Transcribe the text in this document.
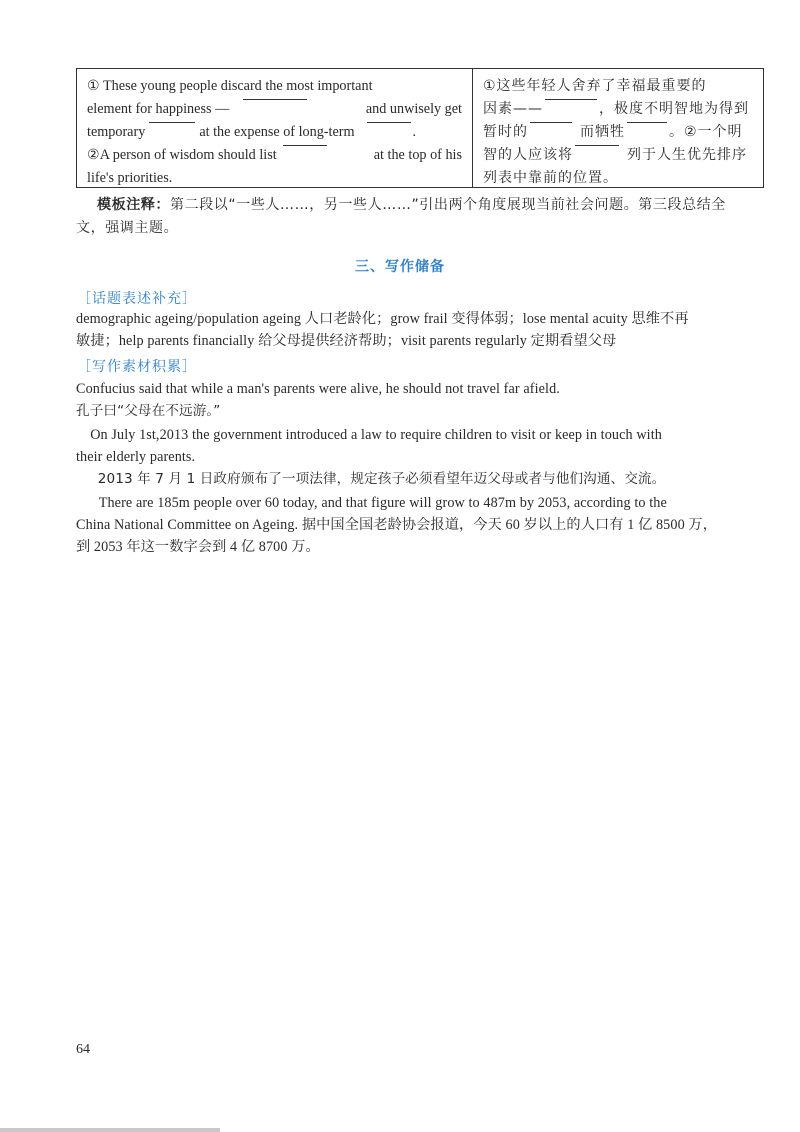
① These young people discard the most important
element for happiness —	and unwisely get
temporary	at the expense of long-term	.
②A person of wisdom should list	at the top of his
life's priorities.
①这些年轻人舍弃了幸福最重要的
因素——	，极度不明智地为得到
暂时的	而牺牲	。②一个明
智的人应该将	列于人生优先排序
列表中靠前的位置。
模板注释：第二段以“一些人……，另一些人……”引出两个角度展现当前社会问题。第三段总结全
文，强调主题。
三、写作储备
［话题表述补充］
demographic ageing/population ageing 人口老龄化；grow frail 变得体弱；lose mental acuity 思维不再
敏捷；help parents financially 给父母提供经济帮助；visit parents regularly 定期看望父母
［写作素材积累］
Confucius said that while a man's parents were alive, he should not travel far afield.
孔子曰“父母在不远游。”
On July 1st,2013 the government introduced a law to require children to visit or keep in touch with
their elderly parents.
2013 年 7 月 1 日政府颁布了一项法律，规定孩子必须看望年迈父母或者与他们沟通、交流。
There are 185m people over 60 today, and that figure will grow to 487m by 2053, according to the
China National Committee on Ageing. 据中国全国老龄协会报道，今天 60 岁以上的人口有 1 亿 8500 万，
到 2053 年这一数字会到 4 亿 8700 万。
64
